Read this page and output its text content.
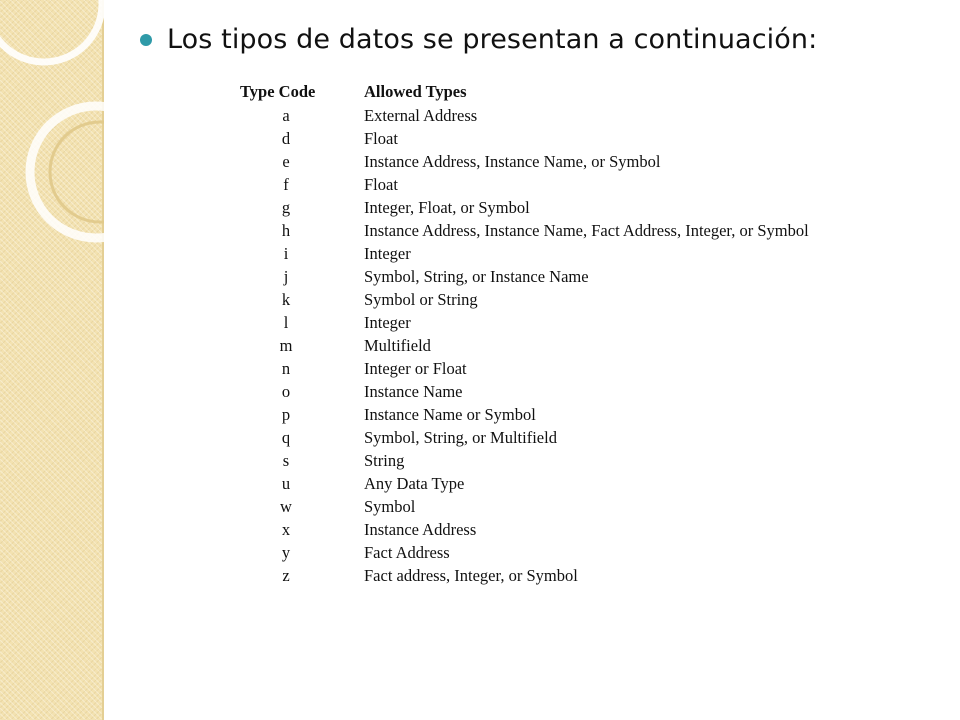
Los tipos de datos se presentan a continuación:
Type Code	Allowed Types
a	External Address
d	Float
e	Instance Address, Instance Name, or Symbol
f	Float
g	Integer, Float, or Symbol
h	Instance Address, Instance Name, Fact Address, Integer, or Symbol
i	Integer
j	Symbol, String, or Instance Name
k	Symbol or String
l	Integer
m	Multifield
n	Integer or Float
o	Instance Name
p	Instance Name or Symbol
q	Symbol, String, or Multifield
s	String
u	Any Data Type
w	Symbol
x	Instance Address
y	Fact Address
z	Fact address, Integer, or Symbol
